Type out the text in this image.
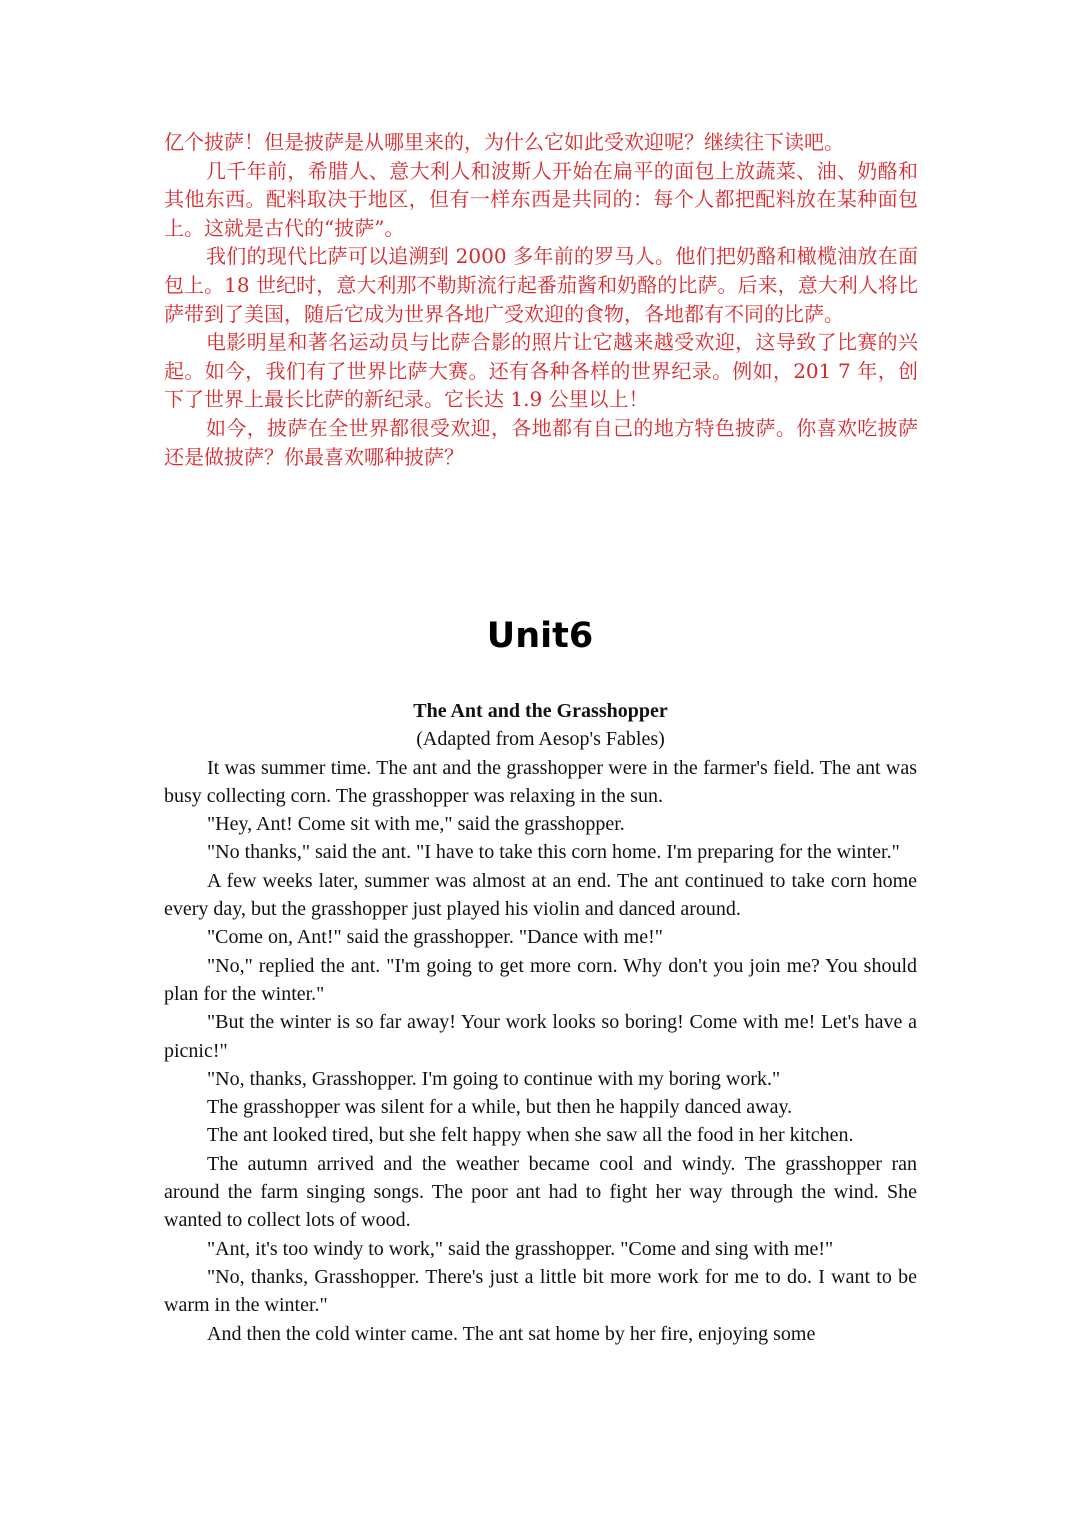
亿个披萨！但是披萨是从哪里来的，为什么它如此受欢迎呢？继续往下读吧。

几千年前，希腊人、意大利人和波斯人开始在扁平的面包上放蔬菜、油、奶酪和其他东西。配料取决于地区，但有一样东西是共同的：每个人都把配料放在某种面包上。这就是古代的“披萨”。

我们的现代比萨可以追溯到 2000 多年前的罗马人。他们把奶酪和橄榄油放在面包上。18 世纪时，意大利那不勒斯流行起番茄酱和奶酪的比萨。后来，意大利人将比萨带到了美国，随后它成为世界各地广受欢迎的食物，各地都有不同的比萨。

电影明星和著名运动员与比萨合影的照片让它越来越受欢迎，这导致了比赛的兴起。如今，我们有了世界比萨大赛。还有各种各样的世界纪录。例如，201 7 年，创下了世界上最长比萨的新纪录。它长达 1.9 公里以上！

如今，披萨在全世界都很受欢迎，各地都有自己的地方特色披萨。你喜欢吃披萨还是做披萨？你最喜欢哪种披萨？

Unit6

The Ant and the Grasshopper

(Adapted from Aesop's Fables)

It was summer time. The ant and the grasshopper were in the farmer's field. The ant was busy collecting corn. The grasshopper was relaxing in the sun.

"Hey, Ant! Come sit with me," said the grasshopper.

"No thanks," said the ant. "I have to take this corn home. I'm preparing for the winter."

A few weeks later, summer was almost at an end. The ant continued to take corn home every day, but the grasshopper just played his violin and danced around.

"Come on, Ant!" said the grasshopper. "Dance with me!"

"No," replied the ant. "I'm going to get more corn. Why don't you join me? You should plan for the winter."

"But the winter is so far away! Your work looks so boring! Come with me! Let's have a picnic!"

"No, thanks, Grasshopper. I'm going to continue with my boring work."

The grasshopper was silent for a while, but then he happily danced away.

The ant looked tired, but she felt happy when she saw all the food in her kitchen.

The autumn arrived and the weather became cool and windy. The grasshopper ran around the farm singing songs. The poor ant had to fight her way through the wind. She wanted to collect lots of wood.

"Ant, it's too windy to work," said the grasshopper. "Come and sing with me!"

"No, thanks, Grasshopper. There's just a little bit more work for me to do. I want to be warm in the winter."

And then the cold winter came. The ant sat home by her fire, enjoying some
